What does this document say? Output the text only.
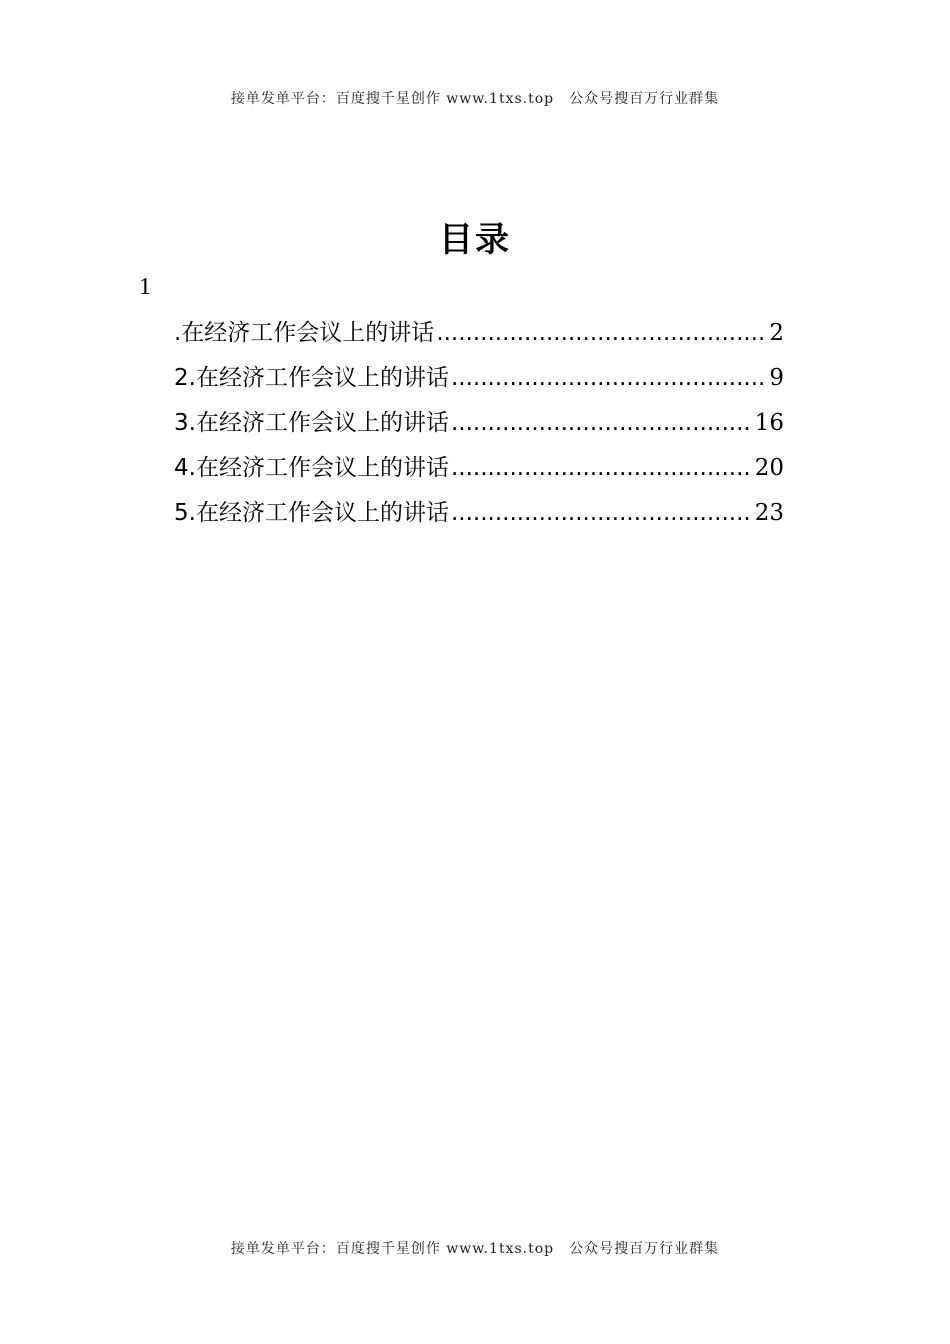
接单发单平台：百度搜千星创作 www.1txs.top　公众号搜百万行业群集
目录
1
.在经济工作会议上的讲话 .....	2
2.在经济工作会议上的讲话 .....	9
3.在经济工作会议上的讲话 .....	16
4.在经济工作会议上的讲话 .....	20
5.在经济工作会议上的讲话 .....	23
接单发单平台：百度搜千星创作 www.1txs.top　公众号搜百万行业群集
